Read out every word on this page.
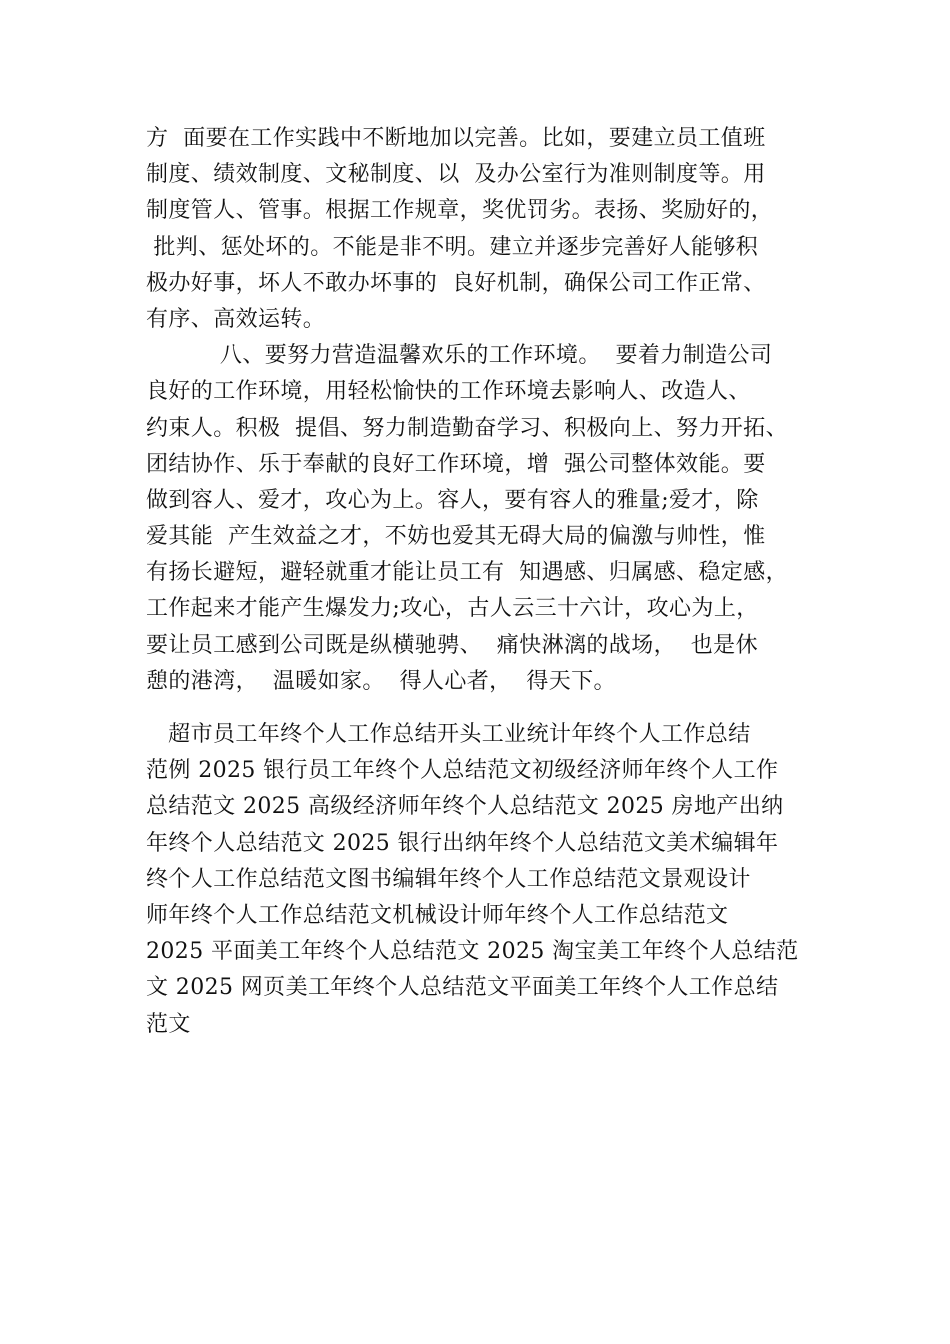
方  面要在工作实践中不断地加以完善。比如，要建立员工值班
制度、绩效制度、文秘制度、以  及办公室行为准则制度等。用
制度管人、管事。根据工作规章，奖优罚劣。表扬、奖励好的，
批判、惩处坏的。不能是非不明。建立并逐步完善好人能够积
极办好事，坏人不敢办坏事的  良好机制，确保公司工作正常、
有序、高效运转。
八、要努力营造温馨欢乐的工作环境。  要着力制造公司
良好的工作环境，用轻松愉快的工作环境去影响人、改造人、
约束人。积极  提倡、努力制造勤奋学习、积极向上、努力开拓、
团结协作、乐于奉献的良好工作环境，增  强公司整体效能。要
做到容人、爱才，攻心为上。容人，要有容人的雅量;爱才，除
爱其能  产生效益之才，不妨也爱其无碍大局的偏激与帅性，惟
有扬长避短，避轻就重才能让员工有  知遇感、归属感、稳定感，
工作起来才能产生爆发力;攻心，古人云三十六计，攻心为上，
要让员工感到公司既是纵横驰骋、  痛快淋漓的战场，  也是休
憩的港湾，  温暖如家。  得人心者，  得天下。
超市员工年终个人工作总结开头工业统计年终个人工作总结
范例 2025 银行员工年终个人总结范文初级经济师年终个人工作
总结范文 2025 高级经济师年终个人总结范文 2025 房地产出纳
年终个人总结范文 2025 银行出纳年终个人总结范文美术编辑年
终个人工作总结范文图书编辑年终个人工作总结范文景观设计
师年终个人工作总结范文机械设计师年终个人工作总结范文
2025 平面美工年终个人总结范文 2025 淘宝美工年终个人总结范
文 2025 网页美工年终个人总结范文平面美工年终个人工作总结
范文
